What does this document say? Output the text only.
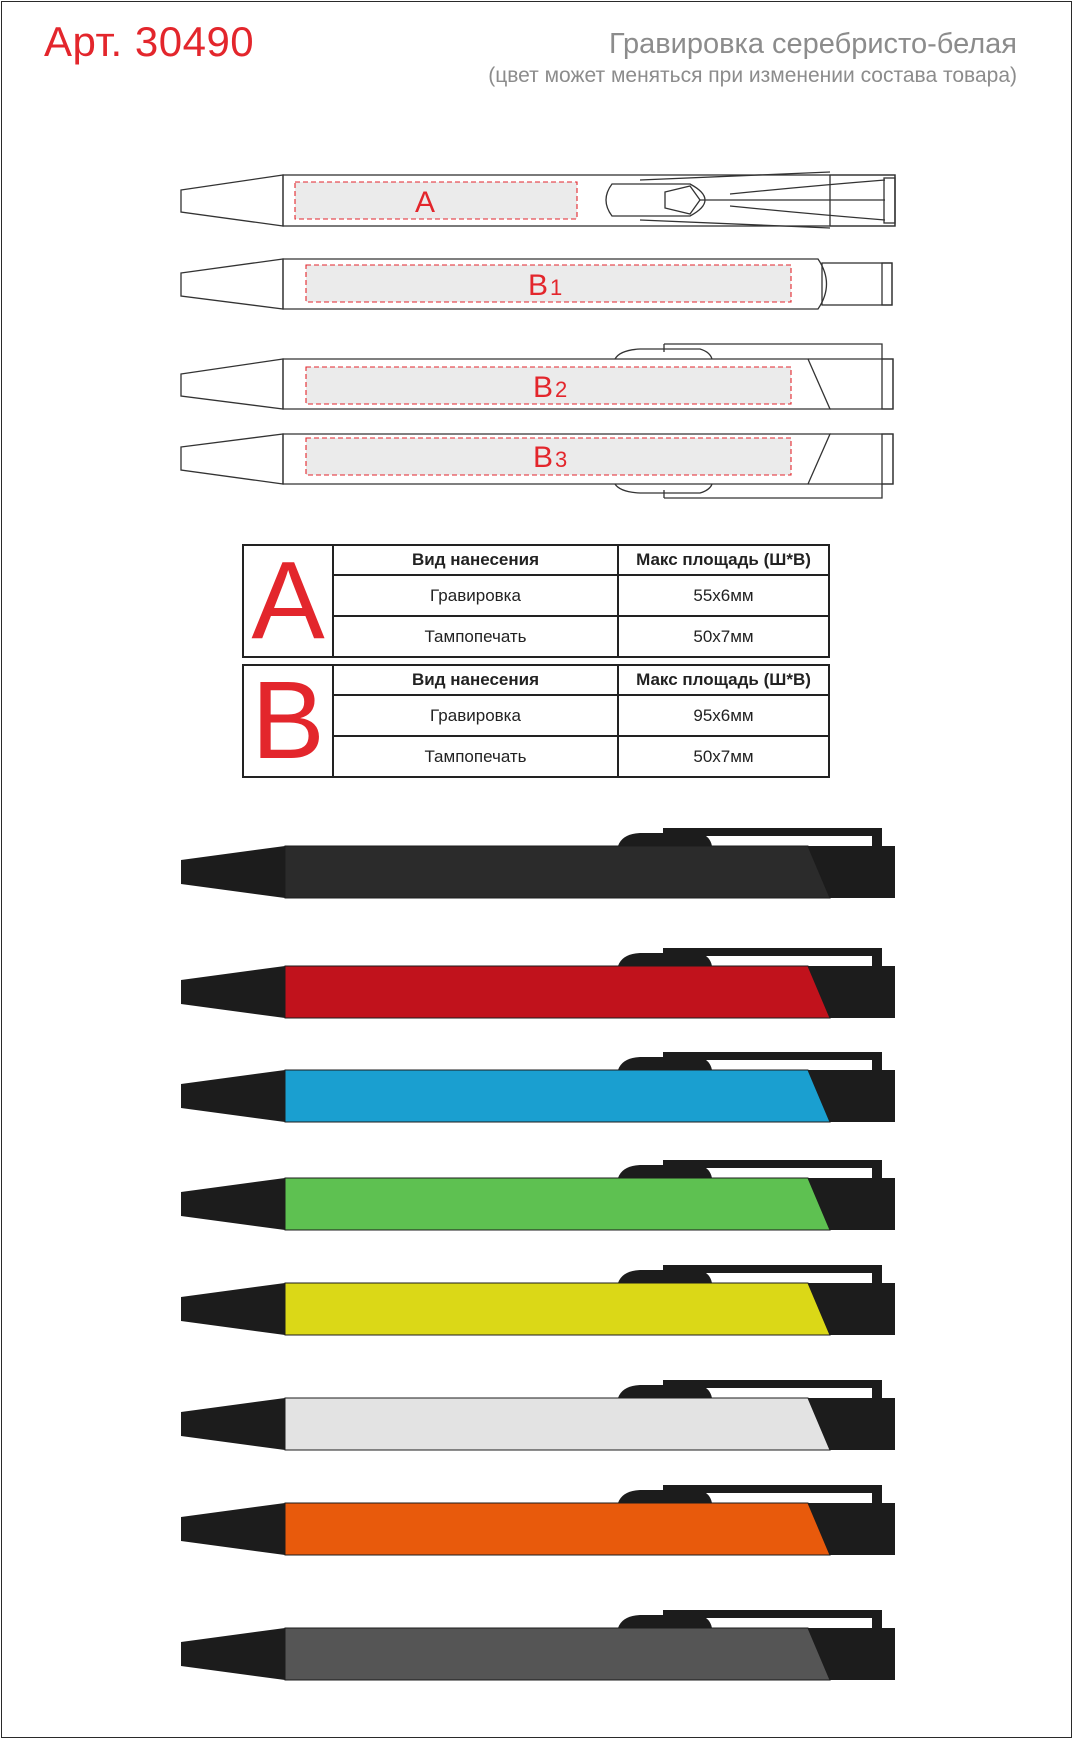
Арт. 30490	Гравировка серебристо-белая
(цвет может меняться при изменении состава товара)
A
B 1
B 2
B 3
A	Вид нанесения	Макс площадь (Ш*В)
	Гравировка	55х6мм
	Тампопечать	50х7мм
B	Вид нанесения	Макс площадь (Ш*В)
	Гравировка	95х6мм
	Тампопечать	50х7мм
